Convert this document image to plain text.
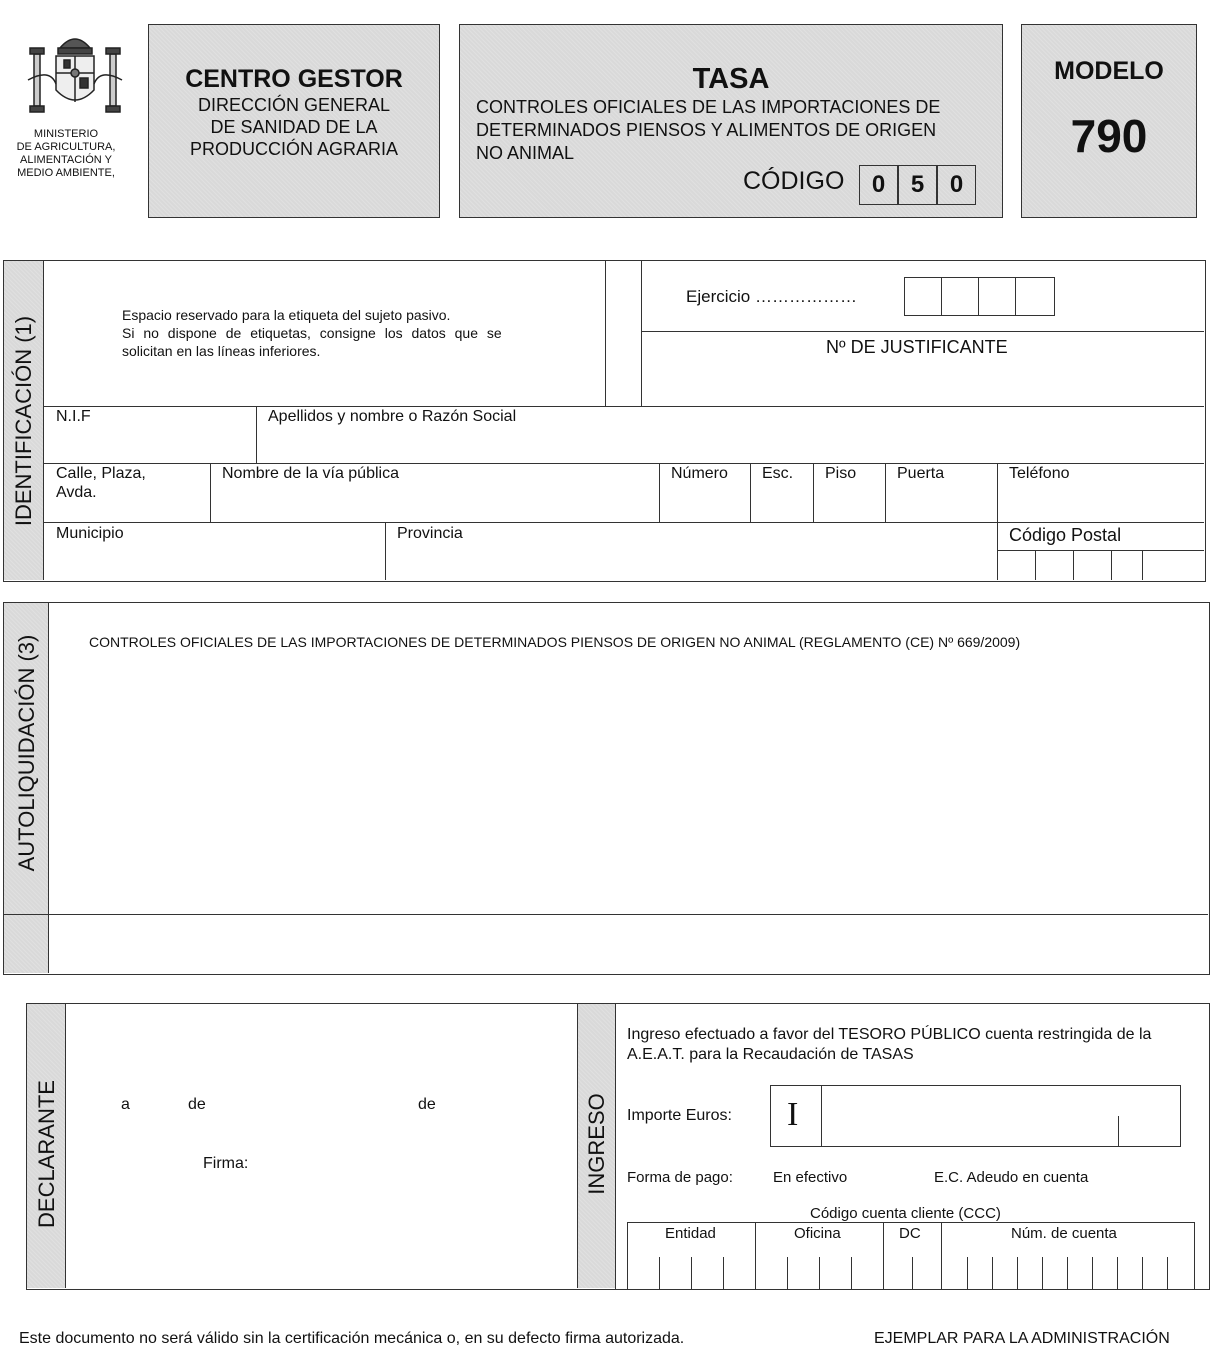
MINISTERIO
DE AGRICULTURA,
ALIMENTACIÓN Y
MEDIO AMBIENTE,
CENTRO GESTOR
DIRECCIÓN GENERAL
DE SANIDAD DE LA
PRODUCCIÓN AGRARIA
TASA
CONTROLES OFICIALES DE LAS IMPORTACIONES DE
DETERMINADOS PIENSOS Y ALIMENTOS DE ORIGEN
NO ANIMAL
CÓDIGO	0	5	0
MODELO
790
IDENTIFICACIÓN (1)
Espacio reservado para la etiqueta del sujeto pasivo.
Si no dispone de etiquetas, consigne los datos que se
solicitan en las líneas inferiores.
Ejercicio ………………
Nº DE JUSTIFICANTE
N.I.F	Apellidos y nombre o Razón Social
Calle, Plaza,
Avda.
Nombre de la vía pública	Número Esc. Piso	Puerta	Teléfono
Municipio	Provincia	Código Postal
AUTOLIQUIDACIÓN (3)	CONTROLES OFICIALES DE LAS IMPORTACIONES DE DETERMINADOS PIENSOS DE ORIGEN NO ANIMAL (REGLAMENTO (CE) Nº 669/2009)
DECLARANTE	a	de	de
Firma:	INGRESO
Ingreso efectuado a favor del TESORO PÚBLICO cuenta restringida de la
A.E.A.T. para la Recaudación de TASAS
Importe Euros: I
Forma de pago:	En efectivo	E.C. Adeudo en cuenta
Código cuenta cliente (CCC)
Entidad	Oficina	DC	Núm. de cuenta
Este documento no será válido sin la certificación mecánica o, en su defecto firma autorizada.	EJEMPLAR PARA LA ADMINISTRACIÓN
